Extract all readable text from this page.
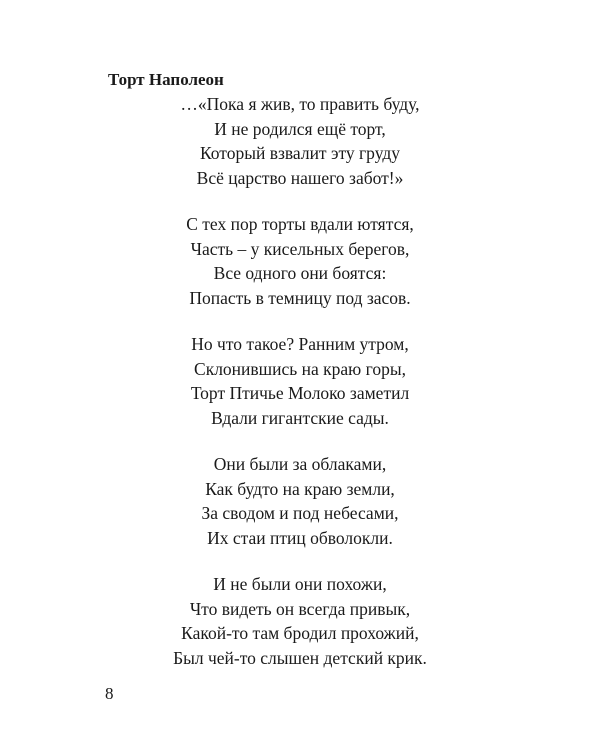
Торт Наполеон
…«Пока я жив, то править буду,
И не родился ещё торт,
Который взвалит эту груду
Всё царство нашего забот!»
С тех пор торты вдали ютятся,
Часть – у кисельных берегов,
Все одного они боятся:
Попасть в темницу под засов.
Но что такое? Ранним утром,
Склонившись на краю горы,
Торт Птичье Молоко заметил
Вдали гигантские сады.
Они были за облаками,
Как будто на краю земли,
За сводом и под небесами,
Их стаи птиц обволокли.
И не были они похожи,
Что видеть он всегда привык,
Какой-то там бродил прохожий,
Был чей-то слышен детский крик.
8
